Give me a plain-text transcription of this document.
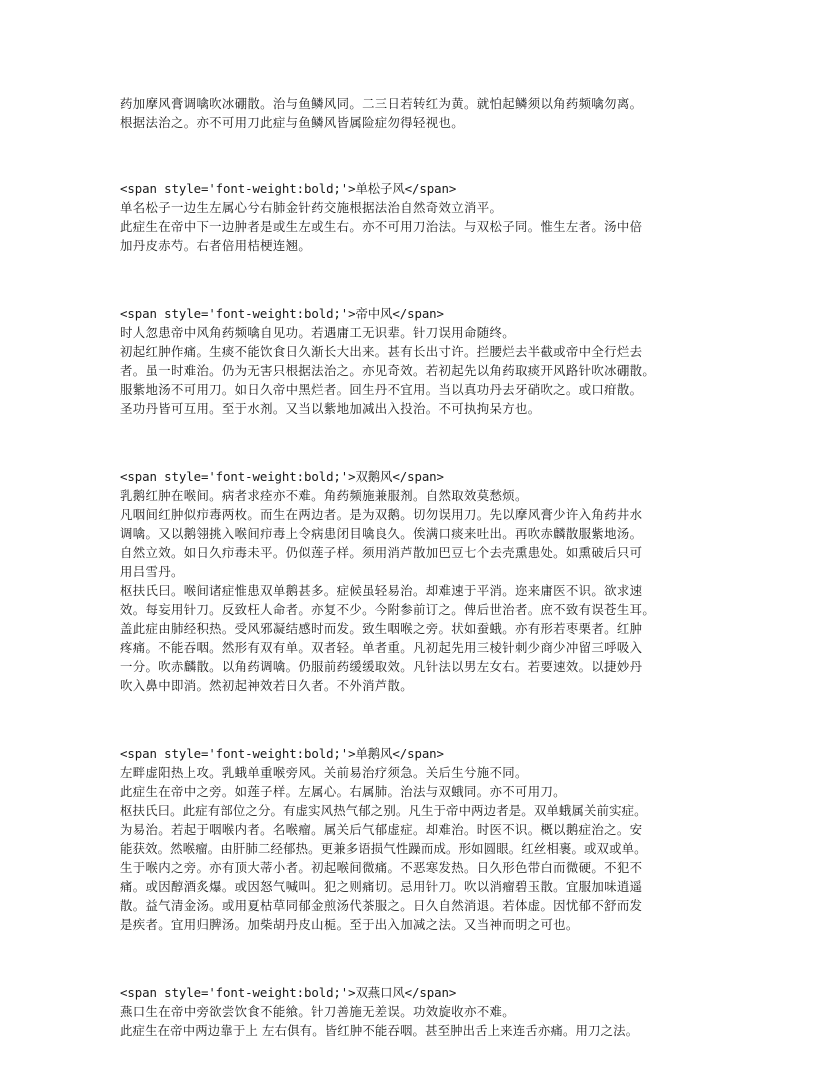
药加摩风膏调噙吹冰硼散。治与鱼鳞风同。二三日若转红为黄。就怕起鳞须以角药频噙勿离。
根据法治之。亦不可用刀此症与鱼鳞风皆属险症勿得轻视也。
<span style='font-weight:bold;'>单松子风</span>
单名松子一边生左属心兮右肺金针药交施根据法治自然奇效立消平。
此症生在帝中下一边肿者是或生左或生右。亦不可用刀治法。与双松子同。惟生左者。汤中倍
加丹皮赤芍。右者倍用桔梗连翘。
<span style='font-weight:bold;'>帝中风</span>
时人忽患帝中风角药频噙自见功。若遇庸工无识辈。针刀误用命随终。
初起红肿作痛。生痰不能饮食日久渐长大出来。甚有长出寸许。拦腰烂去半截或帝中全行烂去
者。虽一时难治。仍为无害只根据法治之。亦见奇效。若初起先以角药取痰开风路针吹冰硼散。
服紫地汤不可用刀。如日久帝中黑烂者。回生丹不宜用。当以真功丹去牙硝吹之。或口疳散。
圣功丹皆可互用。至于水剂。又当以紫地加减出入投治。不可执拘呆方也。
<span style='font-weight:bold;'>双鹅风</span>
乳鹅红肿在喉间。病者求痊亦不难。角药频施兼服剂。自然取效莫愁烦。
凡咽间红肿似疖毒两枚。而生在两边者。是为双鹅。切勿误用刀。先以摩风膏少许入角药井水
调噙。又以鹅翎挑入喉间疖毒上令病患闭目噙良久。俟满口痰来吐出。再吹赤麟散服紫地汤。
自然立效。如日久疖毒未平。仍似莲子样。须用消芦散加巴豆七个去壳熏患处。如熏破后只可
用吕雪丹。
枢扶氏曰。喉间诸症惟患双单鹅甚多。症候虽轻易治。却难速于平消。迩来庸医不识。欲求速
效。每妄用针刀。反致枉人命者。亦复不少。今附参前订之。俾后世治者。庶不致有误苍生耳。
盖此症由肺经积热。受风邪凝结感时而发。致生咽喉之旁。状如蚕蛾。亦有形若枣栗者。红肿
疼痛。不能吞咽。然形有双有单。双者轻。单者重。凡初起先用三棱针刺少商少冲留三呼吸入
一分。吹赤麟散。以角药调噙。仍服前药缓缓取效。凡针法以男左女右。若要速效。以捷妙丹
吹入鼻中即消。然初起神效若日久者。不外消芦散。
<span style='font-weight:bold;'>单鹅风</span>
左畔虚阳热上攻。乳蛾单重喉旁风。关前易治疗须急。关后生兮施不同。
此症生在帝中之旁。如莲子样。左属心。右属肺。治法与双蛾同。亦不可用刀。
枢扶氏曰。此症有部位之分。有虚实风热气郁之别。凡生于帝中两边者是。双单蛾属关前实症。
为易治。若起于咽喉内者。名喉瘤。属关后气郁虚症。却难治。时医不识。概以鹅症治之。安
能获效。然喉瘤。由肝肺二经郁热。更兼多语损气性躁而成。形如圆眼。红丝相裹。或双或单。
生于喉内之旁。亦有顶大蒂小者。初起喉间微痛。不恶寒发热。日久形色带白而微硬。不犯不
痛。或因醇酒炙爆。或因怒气喊叫。犯之则痛切。忌用针刀。吹以消瘤碧玉散。宜服加味逍遥
散。益气清金汤。或用夏枯草同郁金煎汤代茶服之。日久自然消退。若体虚。因忧郁不舒而发
是疾者。宜用归脾汤。加柴胡丹皮山栀。至于出入加减之法。又当神而明之可也。
<span style='font-weight:bold;'>双燕口风</span>
燕口生在帝中旁欲尝饮食不能飨。针刀善施无差误。功效旋收亦不难。
此症生在帝中两边靠于上 左右俱有。皆红肿不能吞咽。甚至肿出舌上来连舌亦痛。用刀之法。
